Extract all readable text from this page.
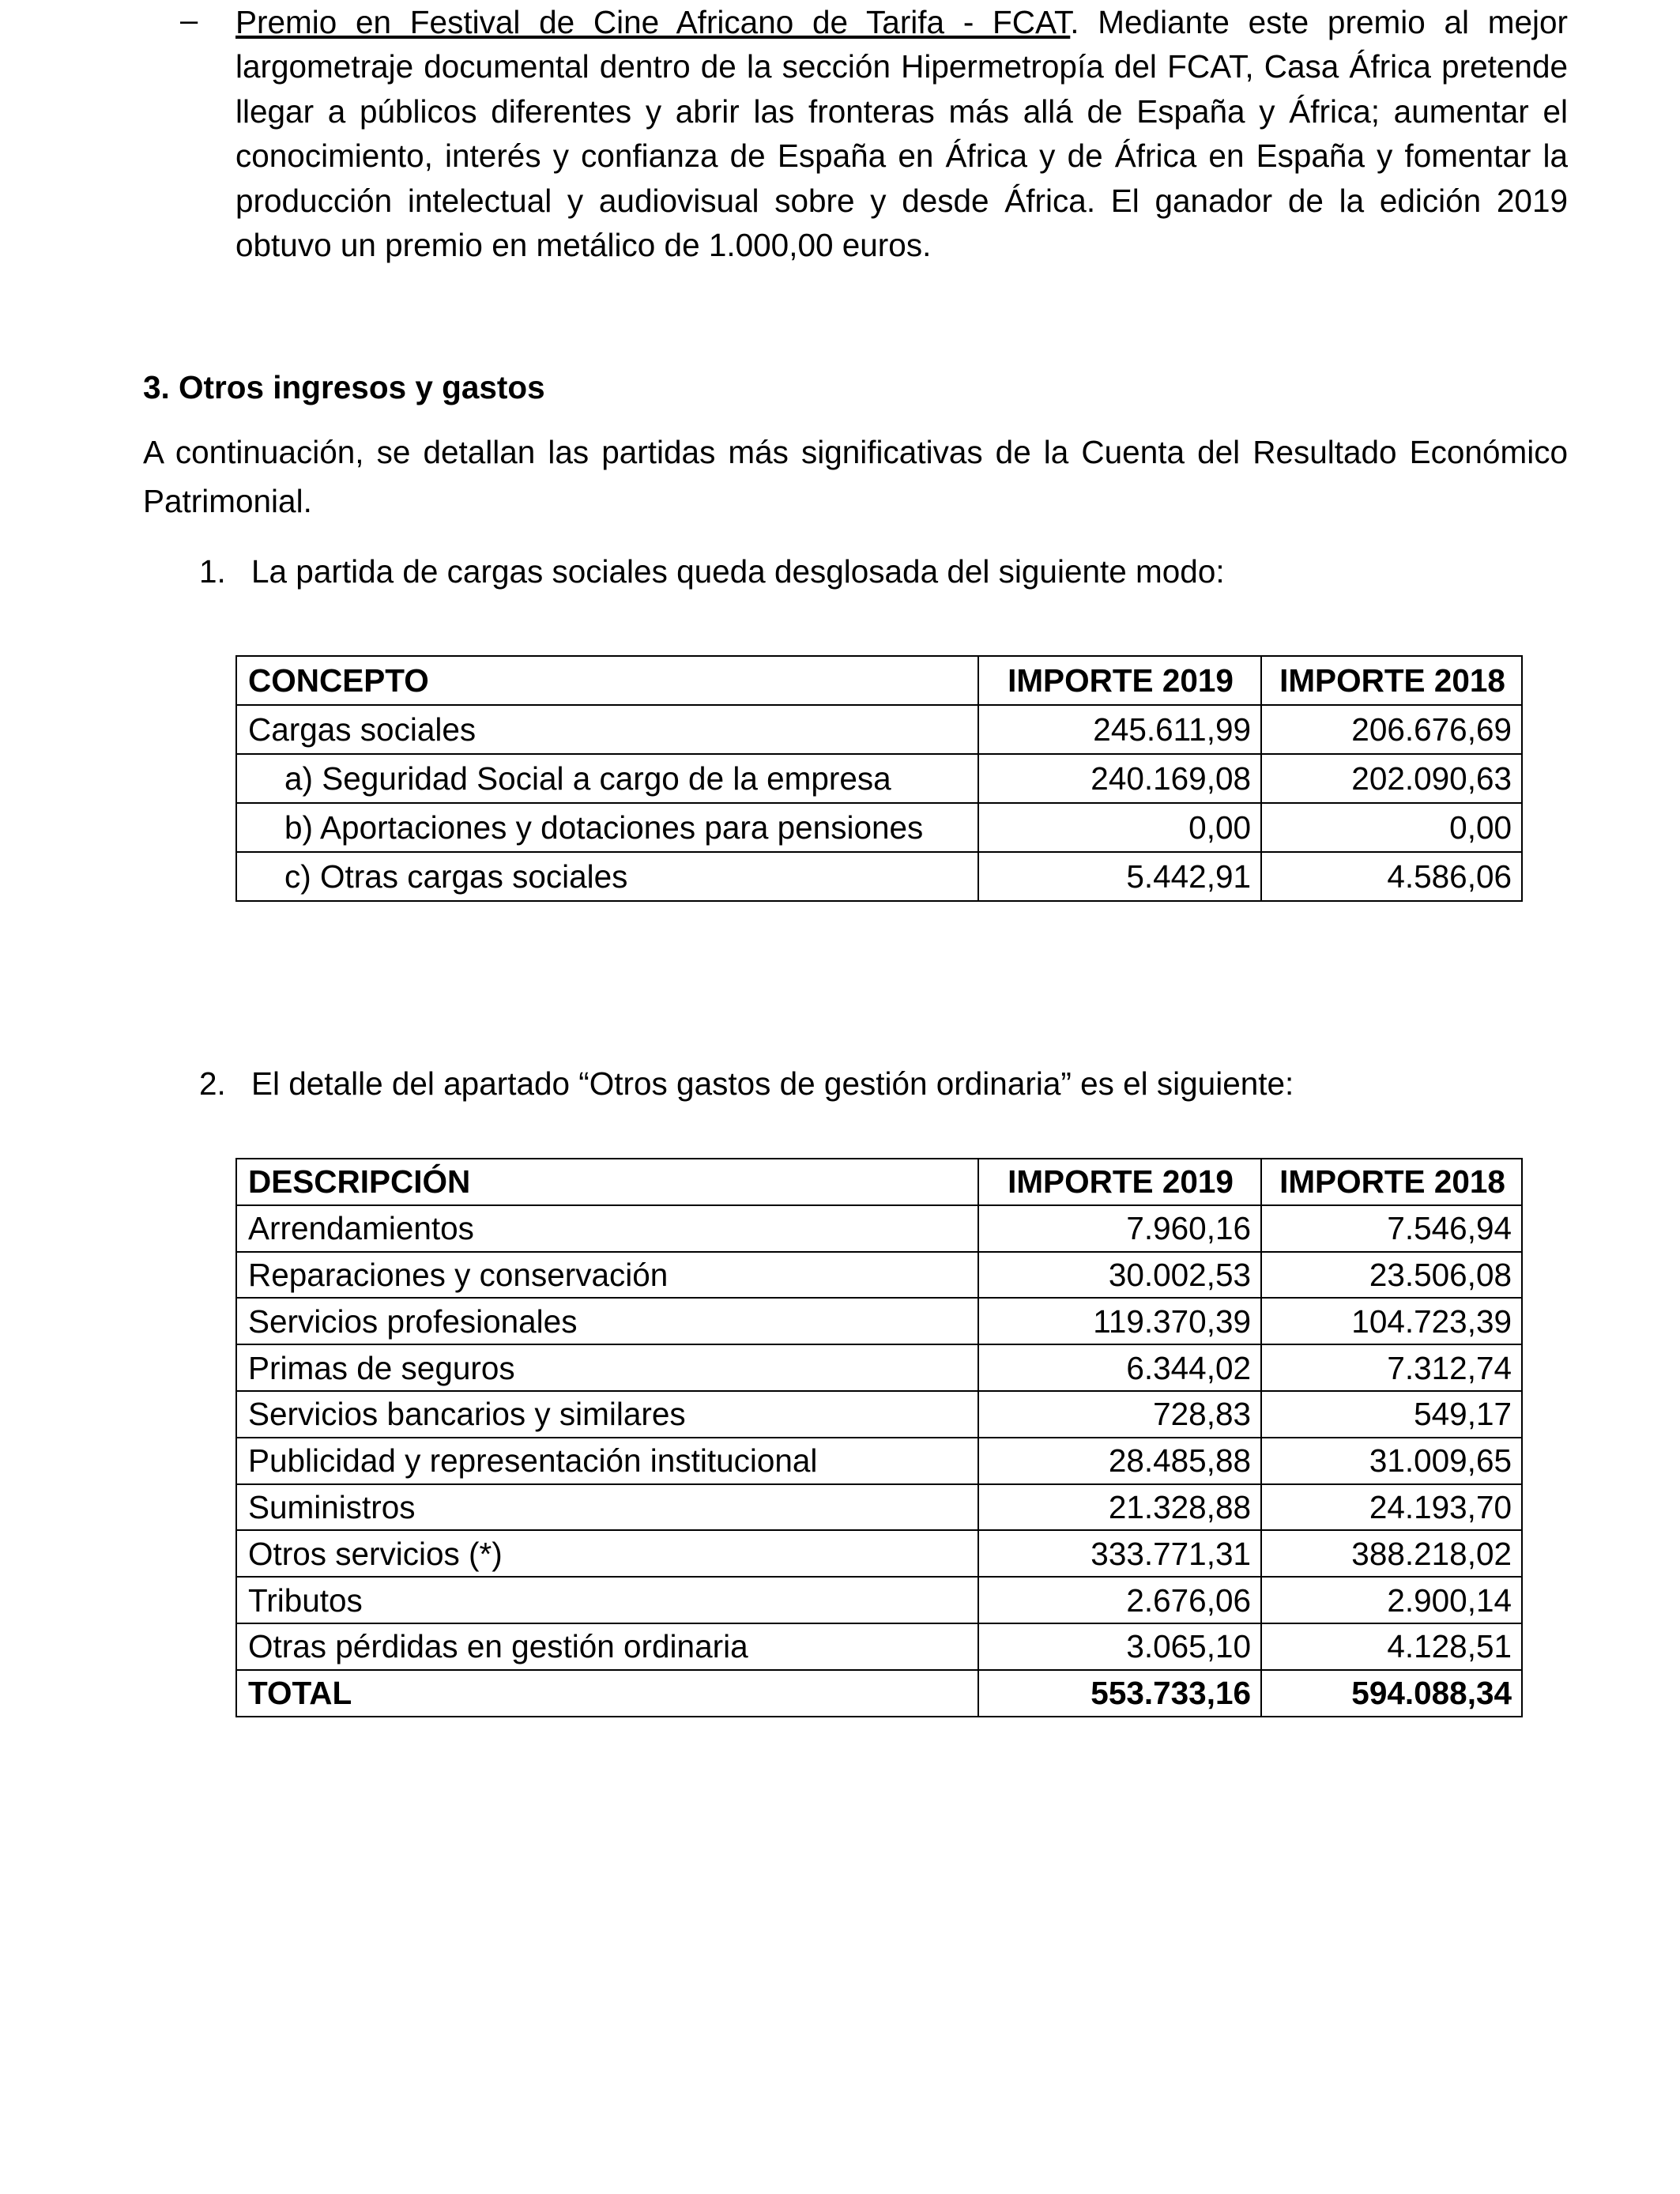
– Premio en Festival de Cine Africano de Tarifa - FCAT. Mediante este premio al mejor largometraje documental dentro de la sección Hipermetropía del FCAT, Casa África pretende llegar a públicos diferentes y abrir las fronteras más allá de España y África; aumentar el conocimiento, interés y confianza de España en África y de África en España y fomentar la producción intelectual y audiovisual sobre y desde África. El ganador de la edición 2019 obtuvo un premio en metálico de 1.000,00 euros.

3. Otros ingresos y gastos

A continuación, se detallan las partidas más significativas de la Cuenta del Resultado Económico Patrimonial.

1. La partida de cargas sociales queda desglosada del siguiente modo:
CONCEPTO	IMPORTE 2019	IMPORTE 2018
Cargas sociales	245.611,99	206.676,69
a) Seguridad Social a cargo de la empresa	240.169,08	202.090,63
b) Aportaciones y dotaciones para pensiones	0,00	0,00
c) Otras cargas sociales	5.442,91	4.586,06
2. El detalle del apartado “Otros gastos de gestión ordinaria” es el siguiente:
DESCRIPCIÓN	IMPORTE 2019	IMPORTE 2018
Arrendamientos	7.960,16	7.546,94
Reparaciones y conservación	30.002,53	23.506,08
Servicios profesionales	119.370,39	104.723,39
Primas de seguros	6.344,02	7.312,74
Servicios bancarios y similares	728,83	549,17
Publicidad y representación institucional	28.485,88	31.009,65
Suministros	21.328,88	24.193,70
Otros servicios (*)	333.771,31	388.218,02
Tributos	2.676,06	2.900,14
Otras pérdidas en gestión ordinaria	3.065,10	4.128,51
TOTAL	553.733,16	594.088,34
